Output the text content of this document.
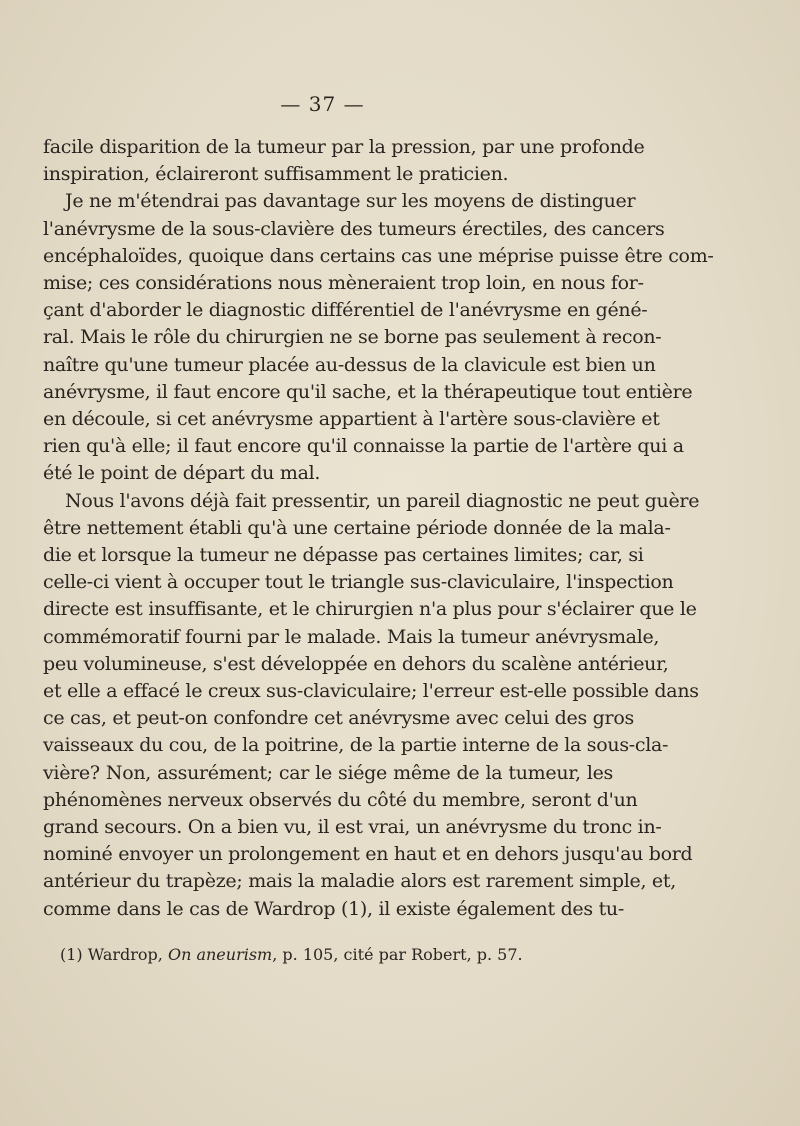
— 37 —
facile disparition de la tumeur par la pression, par une profonde
inspiration, éclaireront suffisamment le praticien.
Je ne m'étendrai pas davantage sur les moyens de distinguer
l'anévrysme de la sous-clavière des tumeurs érectiles, des cancers
encéphaloïdes, quoique dans certains cas une méprise puisse être com-
mise; ces considérations nous mèneraient trop loin, en nous for-
çant d'aborder le diagnostic différentiel de l'anévrysme en géné-
ral. Mais le rôle du chirurgien ne se borne pas seulement à recon-
naître qu'une tumeur placée au-dessus de la clavicule est bien un
anévrysme, il faut encore qu'il sache, et la thérapeutique tout entière
en découle, si cet anévrysme appartient à l'artère sous-clavière et
rien qu'à elle; il faut encore qu'il connaisse la partie de l'artère qui a
été le point de départ du mal.
Nous l'avons déjà fait pressentir, un pareil diagnostic ne peut guère
être nettement établi qu'à une certaine période donnée de la mala-
die et lorsque la tumeur ne dépasse pas certaines limites; car, si
celle-ci vient à occuper tout le triangle sus-claviculaire, l'inspection
directe est insuffisante, et le chirurgien n'a plus pour s'éclairer que le
commémoratif fourni par le malade. Mais la tumeur anévrysmale,
peu volumineuse, s'est développée en dehors du scalène antérieur,
et elle a effacé le creux sus-claviculaire; l'erreur est-elle possible dans
ce cas, et peut-on confondre cet anévrysme avec celui des gros
vaisseaux du cou, de la poitrine, de la partie interne de la sous-cla-
vière? Non, assurément; car le siége même de la tumeur, les
phénomènes nerveux observés du côté du membre, seront d'un
grand secours. On a bien vu, il est vrai, un anévrysme du tronc in-
nominé envoyer un prolongement en haut et en dehors jusqu'au bord
antérieur du trapèze; mais la maladie alors est rarement simple, et,
comme dans le cas de Wardrop (1), il existe également des tu-
(1) Wardrop, On aneurism, p. 105, cité par Robert, p. 57.
